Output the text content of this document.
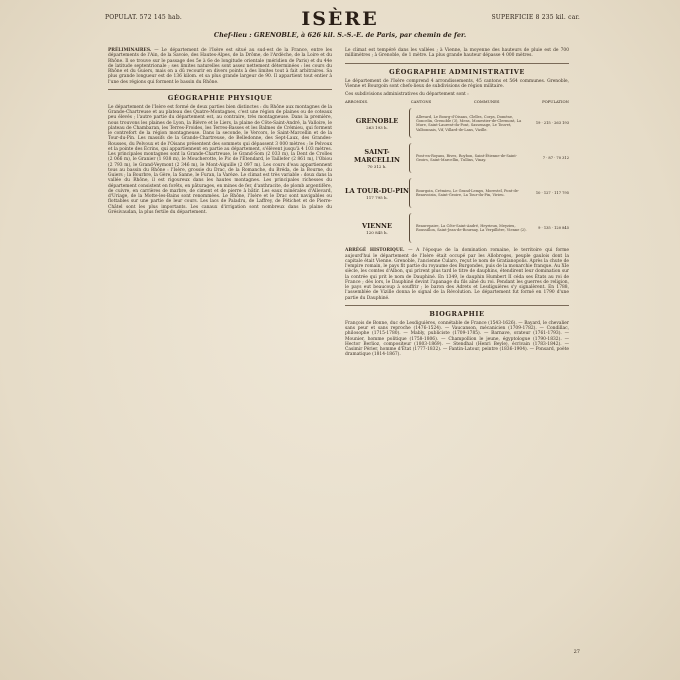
POPULAT. 572 145 hab.	SUPERFICIE 8 235 kil. car.
ISÈRE
Chef-lieu : GRENOBLE, à 626 kil. S.-S.-E. de Paris, par chemin de fer.
PRÉLIMINAIRES. — Le département de l'Isère est situé au sud-est de la France, entre les départements de l'Ain, de la Savoie, des Hautes-Alpes, de la Drôme, de l'Ardèche, de la Loire et du Rhône. Il se trouve sur le passage des 5e à 6e de longitude orientale (méridien de Paris) et du 44e de latitude septentrionale ; ses limites naturelles sont assez nettement déterminées : les cours du Rhône et du Guiers, mais on a dû recourir en divers points à des limites tout à fait arbitraires. Sa plus grande longueur est de 136 kilom. et sa plus grande largeur de 90. Il appartient tout entier à l'une des régions qui forment le bassin du Rhône.
GÉOGRAPHIE PHYSIQUE
Le département de l'Isère est formé de deux parties bien distinctes : du Rhône aux montagnes de la Grande-Chartreuse et au plateau des Quatre-Montagnes, c'est une région de plaines ou de coteaux peu élevés ; l'autre partie du département est, au contraire, très montagneuse. Dans la première, nous trouvons les plaines de Lyon, la Bièvre et le Liers, la plaine de Côte-Saint-André, la Valloire, le plateau de Chambaran, les Terres-Froides, les Terres-Basses et les Balmes de Crémieu, qui forment le contrefort de la région montagneuse. Dans la seconde, le Vercors, le Saint-Marcellin et de la Tour-du-Pin. Les massifs de la Grande-Chartreuse, de Belledonne, des Sept-Laux, des Grandes-Rousses, du Pelvoux et de l'Oisans présentent des sommets qui dépassent 3 000 mètres ; le Pelvoux et la pointe des Écrins, qui appartiennent en partie au département, s'élèvent jusqu'à 4 103 mètres. Les principales montagnes sont la Grande-Chartreuse, le Grand-Som (2 033 m), la Dent de Crolles (2 066 m), le Granier (1 938 m), le Moucherotte, le Pic de l'Étendard, le Taillefer (2 861 m), l'Obiou (2 793 m), le Grand-Veymont (2 346 m), le Mont-Aiguille (2 097 m). Les cours d'eau appartiennent tous au bassin du Rhône : l'Isère, grossie du Drac, de la Romanche, du Bréda, de la Bourne, du Guiers ; la Bourbre, la Gère, la Sanne, le Furan, la Varèze. Le climat est très variable : doux dans la vallée du Rhône, il est rigoureux dans les hautes montagnes. Les principales richesses du département consistent en forêts, en pâturages, en mines de fer, d'anthracite, de plomb argentifère, de cuivre, en carrières de marbre, de ciment et de pierre à bâtir. Les eaux minérales d'Allevard, d'Uriage, de la Motte-les-Bains sont renommées. Le Rhône, l'Isère et le Drac sont navigables ou flottables sur une partie de leur cours. Les lacs de Paladru, de Laffrey, de Pétichet et de Pierre-Châtel sont les plus importants. Les canaux d'irrigation sont nombreux dans la plaine du Grésivaudan, la plus fertile du département.
Le climat est tempéré dans les vallées ; à Vienne, la moyenne des hauteurs de pluie est de 700 millimètres ; à Grenoble, de 1 mètre. La plus grande hauteur dépasse 4 000 mètres.
GÉOGRAPHIE ADMINISTRATIVE
Le département de l'Isère comprend 4 arrondissements, 45 cantons et 564 communes. Grenoble, Vienne et Bourgoin sont chefs-lieux de subdivisions de région militaire.
Ces subdivisions administratives du département sont :
ARRONDIS.	CANTONS	COMMUNES	POPULATION
GRENOBLE
263 193 h.
Allevard, Le Bourg-d'Oisans, Clelles, Corps, Domène, Goncelin, Grenoble (3), Mens, Monestier-de-Clermont, La Mure, Saint-Laurent-du-Pont, Sassenage, Le Touvet, Valbonnais, Vif, Villard-de-Lans, Vizille.
19 · 215 · 263 193
SAINT-MARCELLIN
70 312 h.
Pont-en-Royans, Rives, Roybon, Saint-Étienne-de-Saint-Geoirs, Saint-Marcellin, Tullins, Vinay.	7 · 87 · 70 312
LA TOUR-DU-PIN
117 795 h.
Bourgoin, Crémieu, Le Grand-Lemps, Morestel, Pont-de-Beauvoisin, Saint-Geoire, La Tour-du-Pin, Virieu.	10 · 127 · 117 795
VIENNE
120 845 h.
Beaurepaire, La Côte-Saint-André, Heyrieux, Meyzieu, Roussillon, Saint-Jean-de-Bournay, La Verpillière, Vienne (2).	9 · 135 · 120 845
ABRÉGÉ HISTORIQUE. — A l'époque de la domination romaine, le territoire qui forme aujourd'hui le département de l'Isère était occupé par les Allobroges, peuple gaulois dont la capitale était Vienne. Grenoble, l'ancienne Cularo, reçut le nom de Gratianopolis. Après la chute de l'empire romain, le pays fit partie du royaume des Burgondes, puis de la monarchie franque. Au XIe siècle, les comtes d'Albon, qui prirent plus tard le titre de dauphins, étendirent leur domination sur la contrée qui prit le nom de Dauphiné. En 1349, le dauphin Humbert II céda ses États au roi de France ; dès lors, le Dauphiné devint l'apanage du fils aîné du roi. Pendant les guerres de religion, le pays eut beaucoup à souffrir ; le baron des Adrets et Lesdiguières s'y signalèrent. En 1788, l'assemblée de Vizille donna le signal de la Révolution. Le département fut formé en 1790 d'une partie du Dauphiné.
BIOGRAPHIE
François de Bonne, duc de Lesdiguières, connétable de France (1543-1626). — Bayard, le chevalier sans peur et sans reproche (1476-1524). — Vaucanson, mécanicien (1709-1782). — Condillac, philosophe (1715-1780). — Mably, publiciste (1709-1785). — Barnave, orateur (1761-1793). — Mounier, homme politique (1758-1806). — Champollion le jeune, égyptologue (1790-1832). — Hector Berlioz, compositeur (1803-1869). — Stendhal (Henri Beyle), écrivain (1783-1842). — Casimir Périer, homme d'État (1777-1832). — Fantin-Latour, peintre (1836-1904). — Ponsard, poète dramatique (1814-1867).
27
